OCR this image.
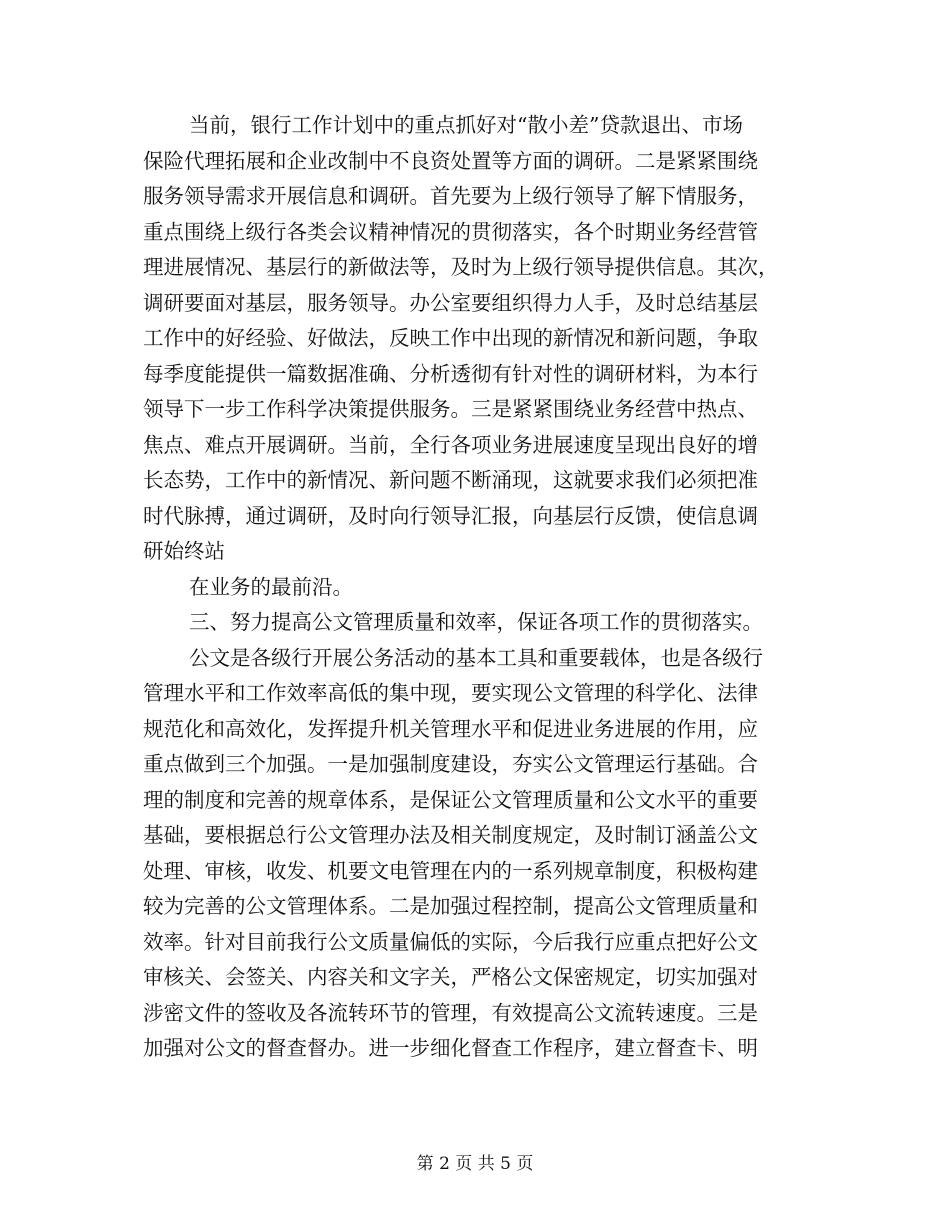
当前，银行工作计划中的重点抓好对“散小差”贷款退出、市场
保险代理拓展和企业改制中不良资处置等方面的调研。二是紧紧围绕
服务领导需求开展信息和调研。首先要为上级行领导了解下情服务，
重点围绕上级行各类会议精神情况的贯彻落实，各个时期业务经营管
理进展情况、基层行的新做法等，及时为上级行领导提供信息。其次，
调研要面对基层，服务领导。办公室要组织得力人手，及时总结基层
工作中的好经验、好做法，反映工作中出现的新情况和新问题，争取
每季度能提供一篇数据准确、分析透彻有针对性的调研材料，为本行
领导下一步工作科学决策提供服务。三是紧紧围绕业务经营中热点、
焦点、难点开展调研。当前，全行各项业务进展速度呈现出良好的增
长态势，工作中的新情况、新问题不断涌现，这就要求我们必须把准
时代脉搏，通过调研，及时向行领导汇报，向基层行反馈，使信息调
研始终站
在业务的最前沿。
三、努力提高公文管理质量和效率，保证各项工作的贯彻落实。
公文是各级行开展公务活动的基本工具和重要载体，也是各级行
管理水平和工作效率高低的集中现，要实现公文管理的科学化、法律
规范化和高效化，发挥提升机关管理水平和促进业务进展的作用，应
重点做到三个加强。一是加强制度建设，夯实公文管理运行基础。合
理的制度和完善的规章体系，是保证公文管理质量和公文水平的重要
基础，要根据总行公文管理办法及相关制度规定，及时制订涵盖公文
处理、审核，收发、机要文电管理在内的一系列规章制度，积极构建
较为完善的公文管理体系。二是加强过程控制，提高公文管理质量和
效率。针对目前我行公文质量偏低的实际，今后我行应重点把好公文
审核关、会签关、内容关和文字关，严格公文保密规定，切实加强对
涉密文件的签收及各流转环节的管理，有效提高公文流转速度。三是
加强对公文的督查督办。进一步细化督查工作程序，建立督查卡、明
第 2 页 共 5 页
